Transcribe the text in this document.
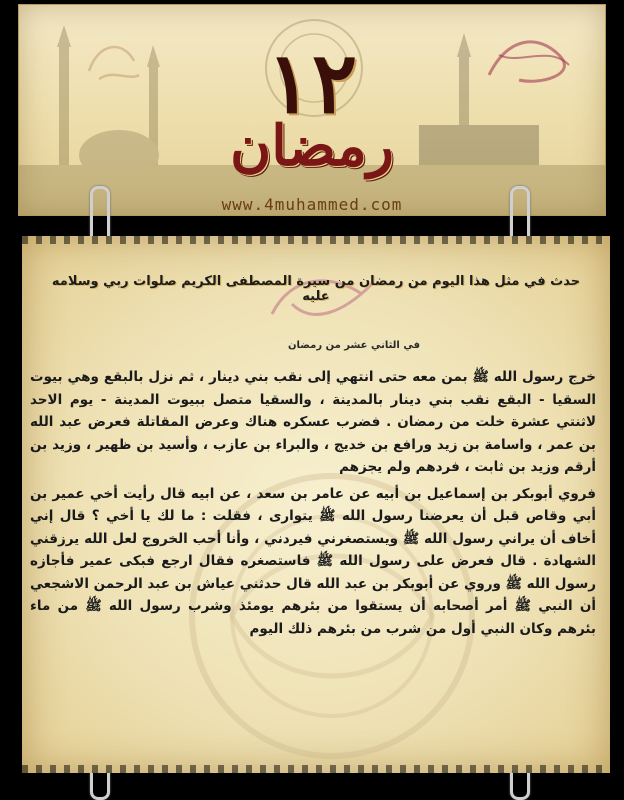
١٢
رمضان
www.4muhammed.com
حدث في مثل هذا اليوم من رمضان من سيرة المصطفى الكريم صلوات ربي وسلامه عليه
في الثاني عشر من رمضان

خرج رسول الله ﷺ بمن معه حتى انتهي إلى نقب بني دينار ، ثم نزل بالبقع وهي بيوت السقيا - البقع نقب بني دينار بالمدينة ، والسقيا متصل ببيوت المدينة - يوم الاحد لاثنتي عشرة خلت من رمضان . فضرب عسكره هناك وعرض المقاتلة فعرض عبد الله بن عمر ، واسامة بن زيد ورافع بن خديج ، والبراء بن عازب ، وأسيد بن ظهير ، وزيد بن أرقم وزيد بن ثابت ، فردهم ولم يجزهم

فروي أبوبكر بن إسماعيل بن أبيه عن عامر بن سعد ، عن ابيه قال رأيت أخي عمير بن أبي وقاص قبل أن يعرضنا رسول الله ﷺ يتوارى ، فقلت : ما لك يا أخي ؟ قال إني أخاف أن يراني رسول الله ﷺ ويستصغرني فيردني ، وأنا أحب الخروج لعل الله يرزقني الشهادة . قال فعرض على رسول الله ﷺ فاستصغره فقال ارجع فبكى عمير فأجازه رسول الله ﷺ وروي عن أبوبكر بن عبد الله قال حدثني عياش بن عبد الرحمن الاشجعي أن النبي ﷺ أمر أصحابه أن يستقوا من بئرهم يومئذ وشرب رسول الله ﷺ من ماء بئرهم وكان النبي أول من شرب من بئرهم ذلك اليوم
